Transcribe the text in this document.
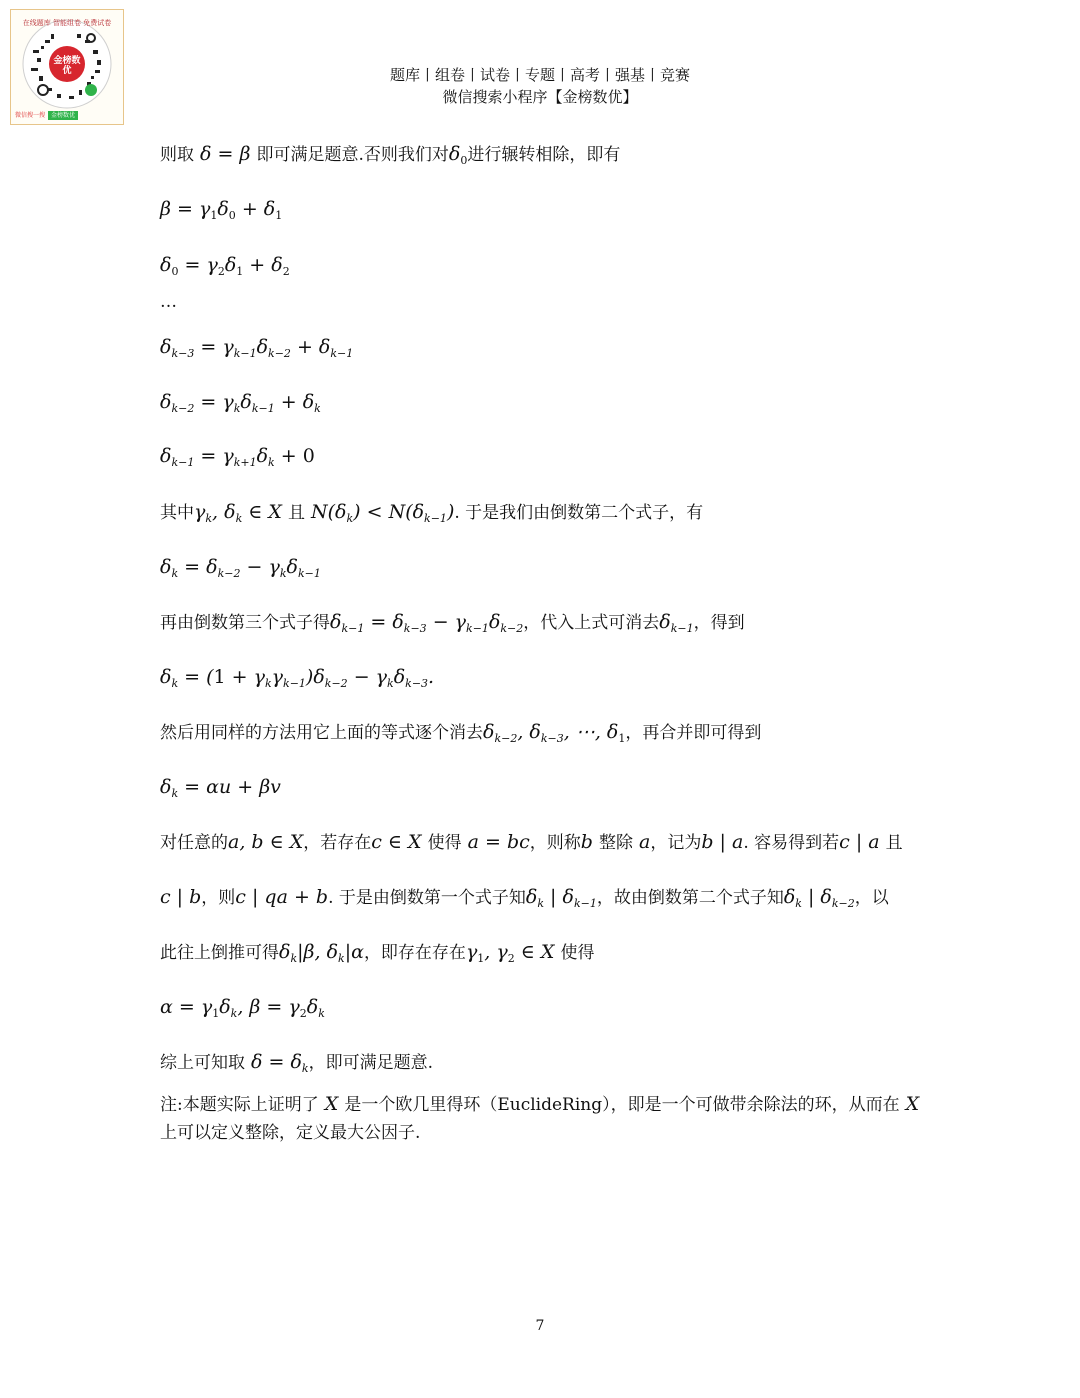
在线题库 智能组卷 免费试卷
金榜数优
微信搜一搜 金榜数优
题库丨组卷丨试卷丨专题丨高考丨强基丨竞赛
微信搜索小程序【金榜数优】
则取 δ = β 即可满足题意.否则我们对$\delta_0$进行辗转相除，即有
$\beta = \gamma_1\delta_0 + \delta_1$
$\delta_0 = \gamma_2\delta_1 + \delta_2$
…
$\delta_{k-3} = \gamma_{k-1}\delta_{k-2} + \delta_{k-1}$
$\delta_{k-2} = \gamma_k\delta_{k-1} + \delta_k$
$\delta_{k-1} = \gamma_{k+1}\delta_k + 0$
其中$\gamma_k$, $\delta_k$ ∈ X 且 $N(\delta_k) < N(\delta_{k-1})$. 于是我们由倒数第二个式子，有
$\delta_k = \delta_{k-2} - \gamma_k\delta_{k-1}$
再由倒数第三个式子得$\delta_{k-1} = \delta_{k-3} - \gamma_{k-1}\delta_{k-2}$，代入上式可消去$\delta_{k-1}$，得到
$\delta_k = (1 + \gamma_k\gamma_{k-1})\delta_{k-2} - \gamma_k\delta_{k-3}$.
然后用同样的方法用它上面的等式逐个消去$\delta_{k-2}$, $\delta_{k-3}$, ⋯, $\delta_1$，再合并即可得到
$\delta_k = \alpha u + \beta v$
对任意的a, b ∈ X，若存在c ∈ X 使得 a = bc，则称b 整除 a，记为b | a. 容易得到若c | a 且
c | b，则c | qa + b. 于是由倒数第一个式子知$\delta_k$ | $\delta_{k-1}$，故由倒数第二个式子知$\delta_k$ | $\delta_{k-2}$，以
此往上倒推可得$\delta_k|\beta$, $\delta_k|\alpha$，即存在存在$\gamma_1$, $\gamma_2$ ∈ X 使得
$\alpha = \gamma_1\delta_k$, $\beta = \gamma_2\delta_k$
综上可知取 $\delta = \delta_k$，即可满足题意.
注:本题实际上证明了 X 是一个欧几里得环（EuclideRing），即是一个可做带余除法的环，从而在 X 上可以定义整除，定义最大公因子.
7
